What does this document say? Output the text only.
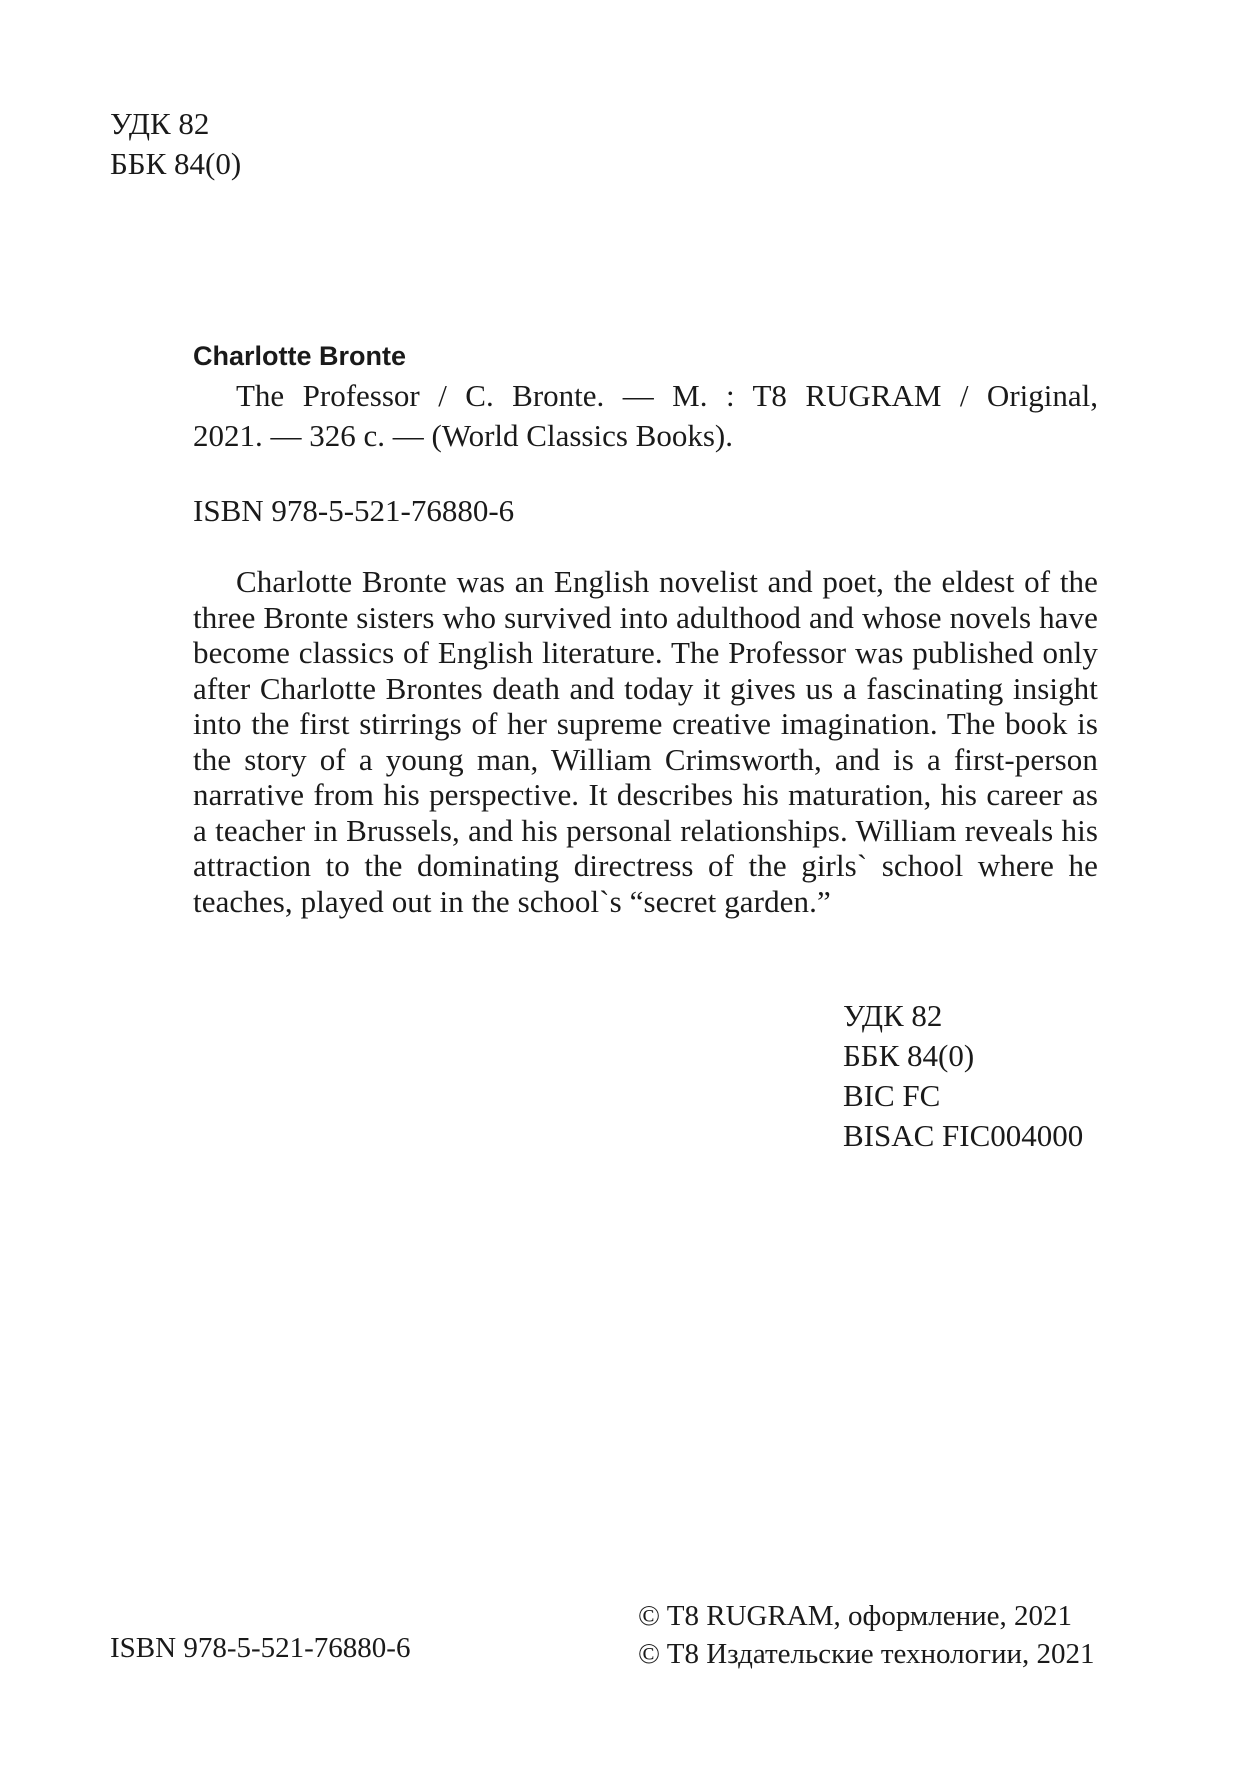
УДК 82
ББК 84(0)
Charlotte Bronte
The Professor / C. Bronte. — M. : T8 RUGRAM / Original,
2021. — 326 c. — (World Classics Books).
ISBN 978-5-521-76880-6

Charlotte Bronte was an English novelist and poet, the eldest of the three Bronte sisters who survived into adulthood and whose novels have become classics of English literature. The Professor was published only after Charlotte Brontes death and today it gives us a fascinating insight into the first stirrings of her supreme creative imagination. The book is the story of a young man, William Crimsworth, and is a first-person narrative from his perspective. It describes his maturation, his career as a teacher in Brussels, and his personal relationships. William reveals his attraction to the dominating directress of the girls` school where he teaches, played out in the school`s “secret garden.”

УДК 82
ББК 84(0)
BIC FC
BISAC FIC004000
ISBN 978-5-521-76880-6
© T8 RUGRAM, оформление, 2021
© T8 Издательские технологии, 2021
